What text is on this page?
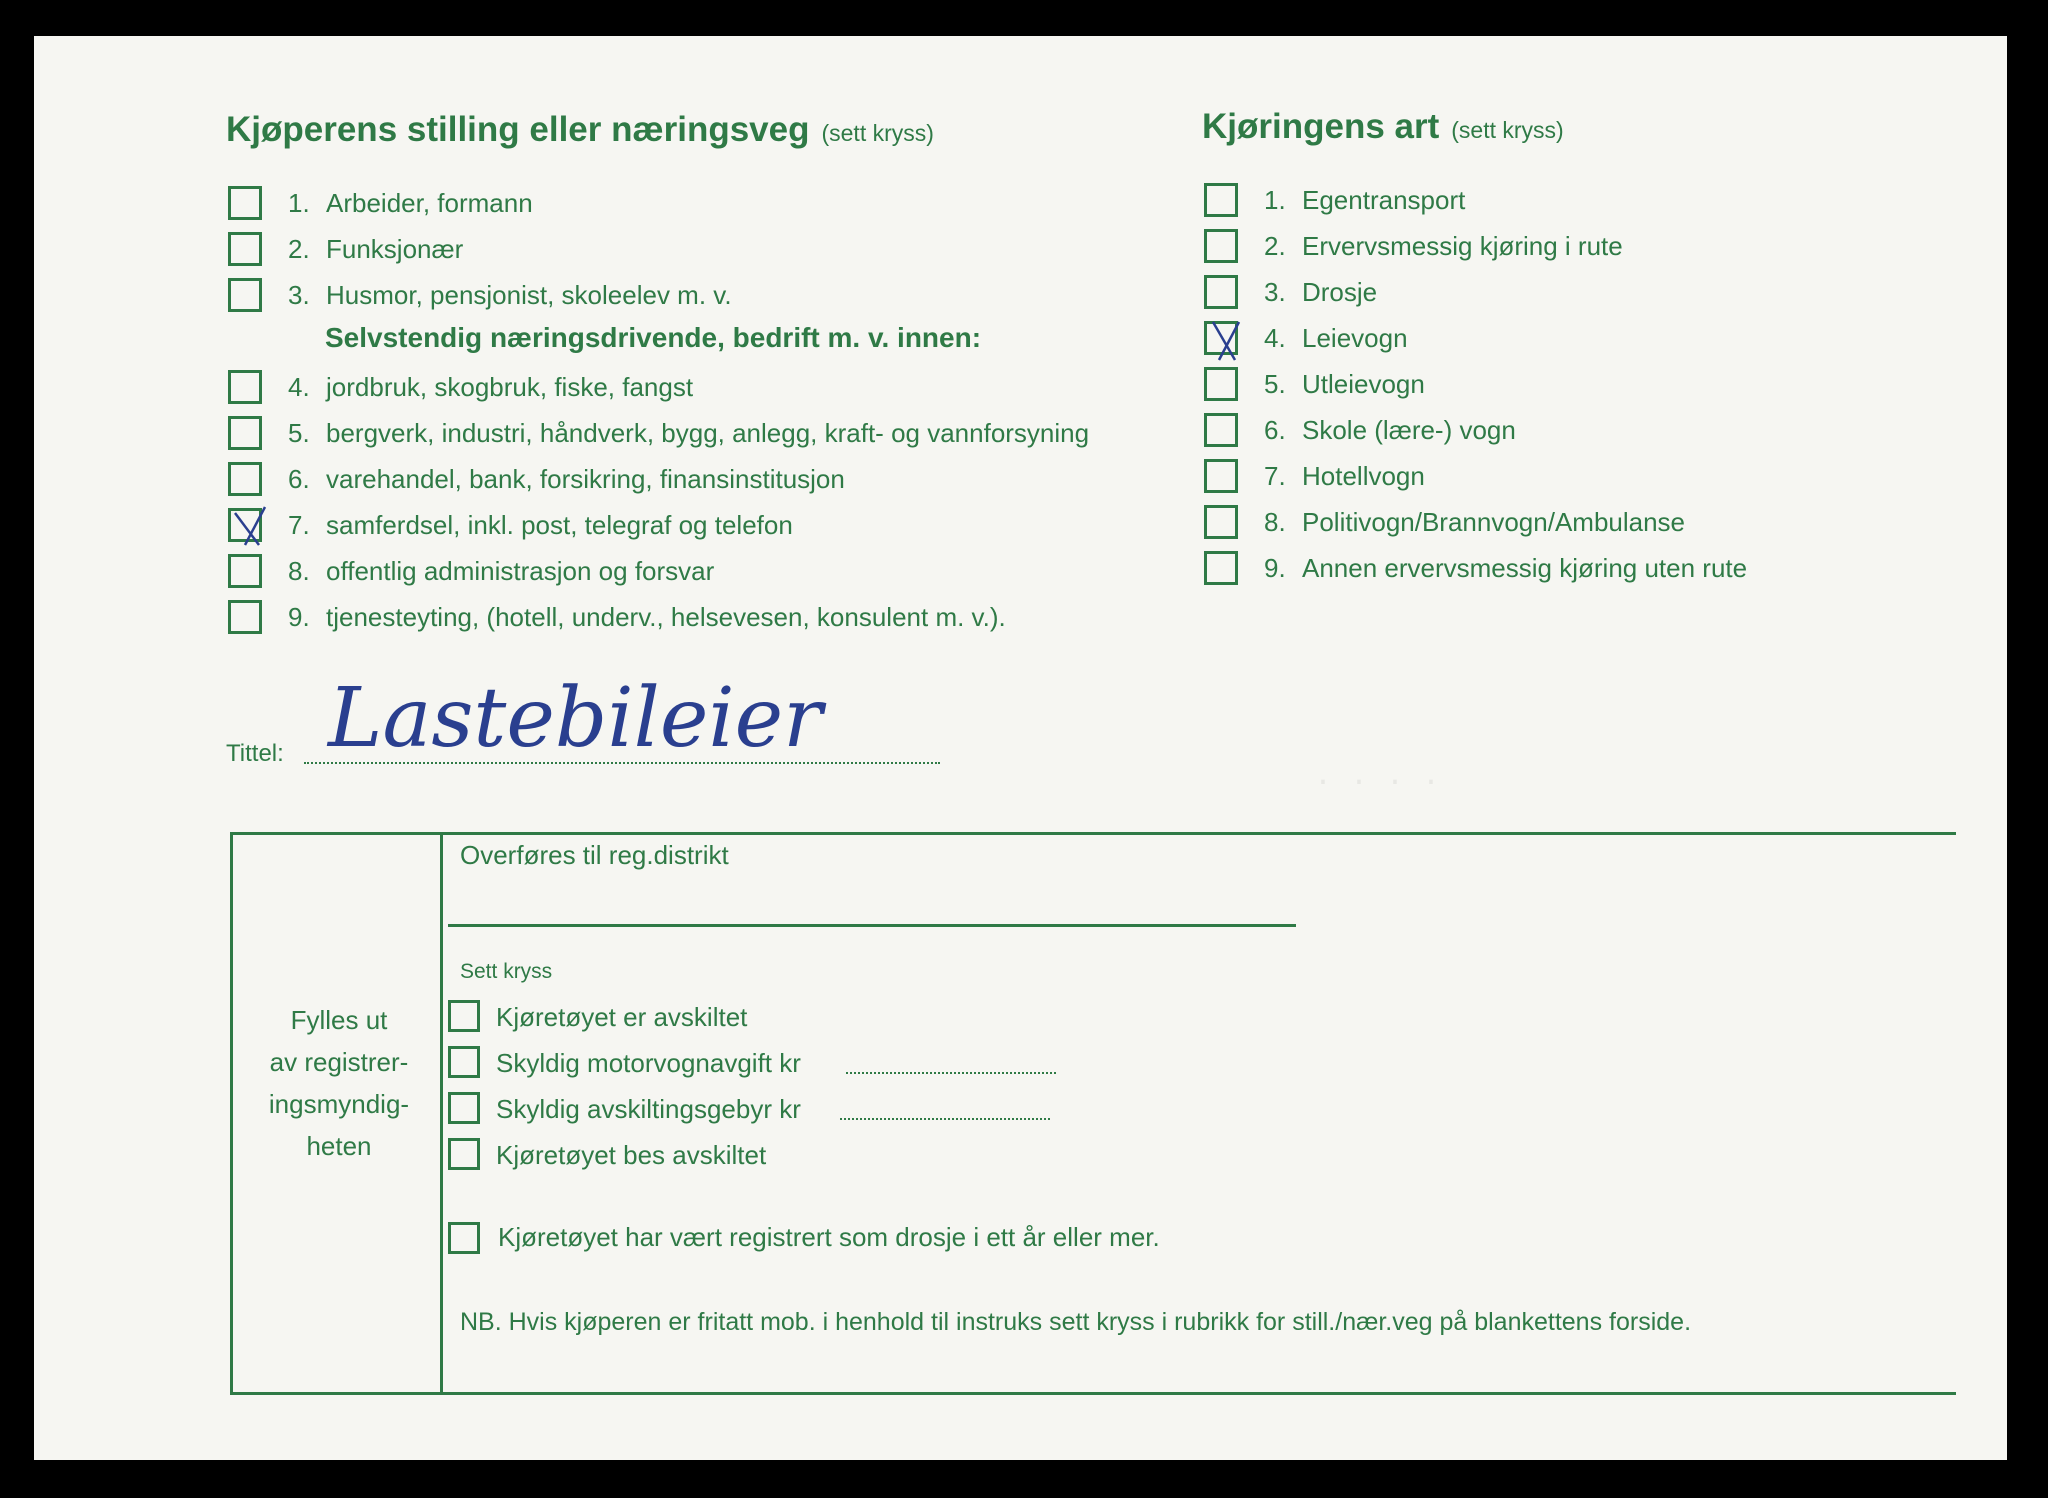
· · · ·
Kjøperens stilling eller næringsveg (sett kryss)	Kjøringens art (sett kryss)
1. Arbeider, formann
2. Funksjonær
3. Husmor, pensjonist, skoleelev m. v.
Selvstendig næringsdrivende, bedrift m. v. innen:
4. jordbruk, skogbruk, fiske, fangst
5. bergverk, industri, håndverk, bygg, anlegg, kraft- og vannforsyning
6. varehandel, bank, forsikring, finansinstitusjon
7. samferdsel, inkl. post, telegraf og telefon
8. offentlig administrasjon og forsvar
9. tjenesteyting, (hotell, underv., helsevesen, konsulent m. v.).
1. Egentransport
2. Ervervsmessig kjøring i rute
3. Drosje
4. Leievogn
5. Utleievogn
6. Skole (lære-) vogn
7. Hotellvogn
8. Politivogn/Brannvogn/Ambulanse
9. Annen ervervsmessig kjøring uten rute
Tittel: Lastebileier
Fylles ut
av registrer-
ingsmyndig-
heten
Overføres til reg.distrikt
Sett kryss
Kjøretøyet er avskiltet
Skyldig motorvognavgift kr
Skyldig avskiltingsgebyr kr
Kjøretøyet bes avskiltet
Kjøretøyet har vært registrert som drosje i ett år eller mer.
NB. Hvis kjøperen er fritatt mob. i henhold til instruks sett kryss i rubrikk for still./nær.veg på blankettens forside.
